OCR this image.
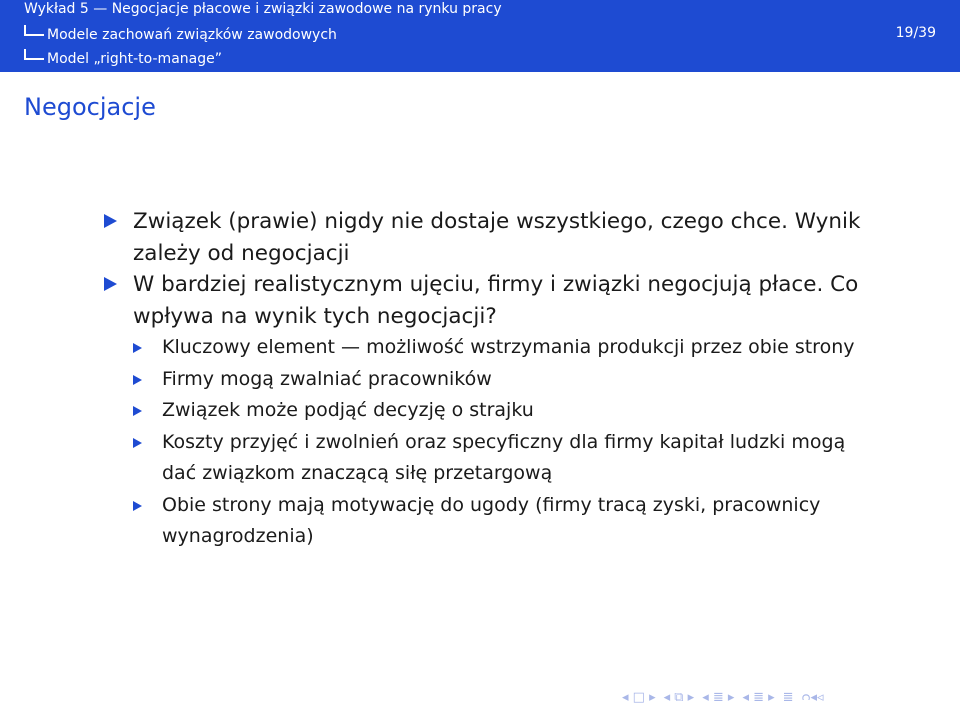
Wykład 5 — Negocjacje płacowe i związki zawodowe na rynku pracy
Modele zachowań związków zawodowych	19/39
Model „right-to-manage”
Negocjacje
Związek (prawie) nigdy nie dostaje wszystkiego, czego chce. Wynik zależy od negocjacji
W bardziej realistycznym ujęciu, firmy i związki negocjują płace. Co wpływa na wynik tych negocjacji?
Kluczowy element — możliwość wstrzymania produkcji przez obie strony
Firmy mogą zwalniać pracowników
Związek może podjąć decyzję o strajku
Koszty przyjęć i zwolnień oraz specyficzny dla firmy kapitał ludzki mogą dać związkom znaczącą siłę przetargową
Obie strony mają motywację do ugody (firmy tracą zyski, pracownicy wynagrodzenia)
◂ □ ▸ ◂ ⧉ ▸ ◂ ≣ ▸ ◂ ≣ ▸ ≣ ᴒ◂◃
